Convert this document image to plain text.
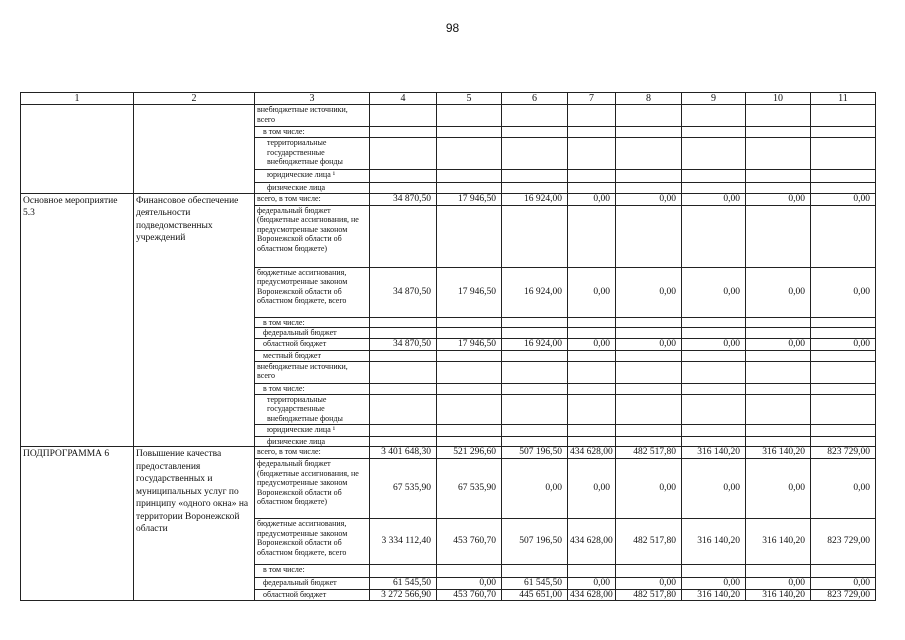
98
1	2	3	4	5	6	7	8	9	10	11
		внебюджетные источники, всего								
		в том числе:								
		территориальные государственные внебюджетные фонды								
		юридические лица ¹								
		физические лица								
Основное мероприятие 5.3	Финансовое обеспечение деятельности подведомственных учреждений	всего, в том числе:	34 870,50	17 946,50	16 924,00	0,00	0,00	0,00	0,00	0,00
		федеральный бюджет (бюджетные ассигнования, не предусмотренные законом Воронежской области об областном бюджете)								
		бюджетные ассигнования, предусмотренные законом Воронежской области об областном бюджете, всего	34 870,50	17 946,50	16 924,00	0,00	0,00	0,00	0,00	0,00
		в том числе:								
		федеральный бюджет								
		областной бюджет	34 870,50	17 946,50	16 924,00	0,00	0,00	0,00	0,00	0,00
		местный бюджет								
		внебюджетные источники, всего								
		в том числе:								
		территориальные государственные внебюджетные фонды								
		юридические лица ¹								
		физические лица								
ПОДПРОГРАММА 6	Повышение качества предоставления государственных и муниципальных услуг по принципу «одного окна» на территории Воронежской области	всего, в том числе:	3 401 648,30	521 296,60	507 196,50	434 628,00	482 517,80	316 140,20	316 140,20	823 729,00
		федеральный бюджет (бюджетные ассигнования, не предусмотренные законом Воронежской области об областном бюджете)	67 535,90	67 535,90	0,00	0,00	0,00	0,00	0,00	0,00
		бюджетные ассигнования, предусмотренные законом Воронежской области об областном бюджете, всего	3 334 112,40	453 760,70	507 196,50	434 628,00	482 517,80	316 140,20	316 140,20	823 729,00
		в том числе:								
		федеральный бюджет	61 545,50	0,00	61 545,50	0,00	0,00	0,00	0,00	0,00
		областной бюджет	3 272 566,90	453 760,70	445 651,00	434 628,00	482 517,80	316 140,20	316 140,20	823 729,00
